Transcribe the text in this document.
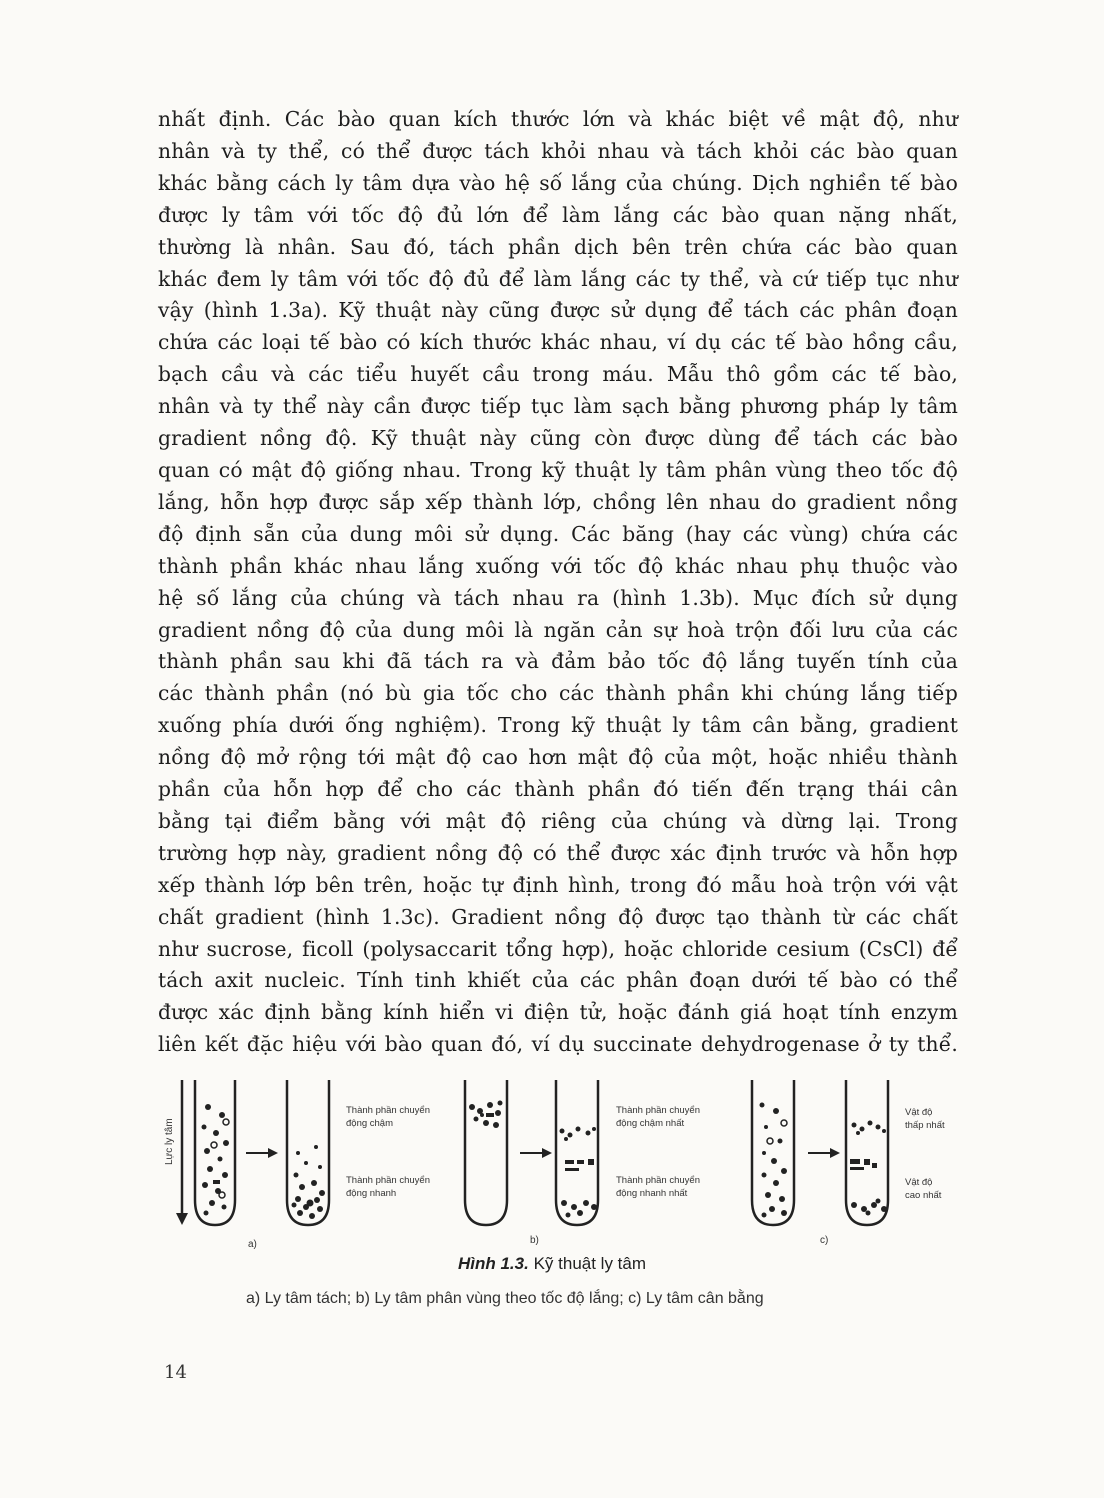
nhất định. Các bào quan kích thước lớn và khác biệt về mật độ, như
nhân và ty thể, có thể được tách khỏi nhau và tách khỏi các bào quan
khác bằng cách ly tâm dựa vào hệ số lắng của chúng. Dịch nghiền tế bào
được ly tâm với tốc độ đủ lớn để làm lắng các bào quan nặng nhất,
thường là nhân. Sau đó, tách phần dịch bên trên chứa các bào quan
khác đem ly tâm với tốc độ đủ để làm lắng các ty thể, và cứ tiếp tục như
vậy (hình 1.3a). Kỹ thuật này cũng được sử dụng để tách các phân đoạn
chứa các loại tế bào có kích thước khác nhau, ví dụ các tế bào hồng cầu,
bạch cầu và các tiểu huyết cầu trong máu. Mẫu thô gồm các tế bào,
nhân và ty thể này cần được tiếp tục làm sạch bằng phương pháp ly tâm
gradient nồng độ. Kỹ thuật này cũng còn được dùng để tách các bào
quan có mật độ giống nhau. Trong kỹ thuật ly tâm phân vùng theo tốc độ
lắng, hỗn hợp được sắp xếp thành lớp, chồng lên nhau do gradient nồng
độ định sẵn của dung môi sử dụng. Các băng (hay các vùng) chứa các
thành phần khác nhau lắng xuống với tốc độ khác nhau phụ thuộc vào
hệ số lắng của chúng và tách nhau ra (hình 1.3b). Mục đích sử dụng
gradient nồng độ của dung môi là ngăn cản sự hoà trộn đối lưu của các
thành phần sau khi đã tách ra và đảm bảo tốc độ lắng tuyến tính của
các thành phần (nó bù gia tốc cho các thành phần khi chúng lắng tiếp
xuống phía dưới ống nghiệm). Trong kỹ thuật ly tâm cân bằng, gradient
nồng độ mở rộng tới mật độ cao hơn mật độ của một, hoặc nhiều thành
phần của hỗn hợp để cho các thành phần đó tiến đến trạng thái cân
bằng tại điểm bằng với mật độ riêng của chúng và dừng lại. Trong
trường hợp này, gradient nồng độ có thể được xác định trước và hỗn hợp
xếp thành lớp bên trên, hoặc tự định hình, trong đó mẫu hoà trộn với vật
chất gradient (hình 1.3c). Gradient nồng độ được tạo thành từ các chất
như sucrose, ficoll (polysaccarit tổng hợp), hoặc chloride cesium (CsCl) để
tách axit nucleic. Tính tinh khiết của các phân đoạn dưới tế bào có thể
được xác định bằng kính hiển vi điện tử, hoặc đánh giá hoạt tính enzym
liên kết đặc hiệu với bào quan đó, ví dụ succinate dehydrogenase ở ty thể.
Lực ly tâm
Thành phần chuyển
động chậm
Thành phần chuyển
động nhanh
Thành phần chuyển
động chậm nhất
Thành phần chuyển
động nhanh nhất
Vật độ
thấp nhất
Vật độ
cao nhất
a)	b)	c)
Hình 1.3. Kỹ thuật ly tâm
a) Ly tâm tách; b) Ly tâm phân vùng theo tốc độ lắng; c) Ly tâm cân bằng
14
